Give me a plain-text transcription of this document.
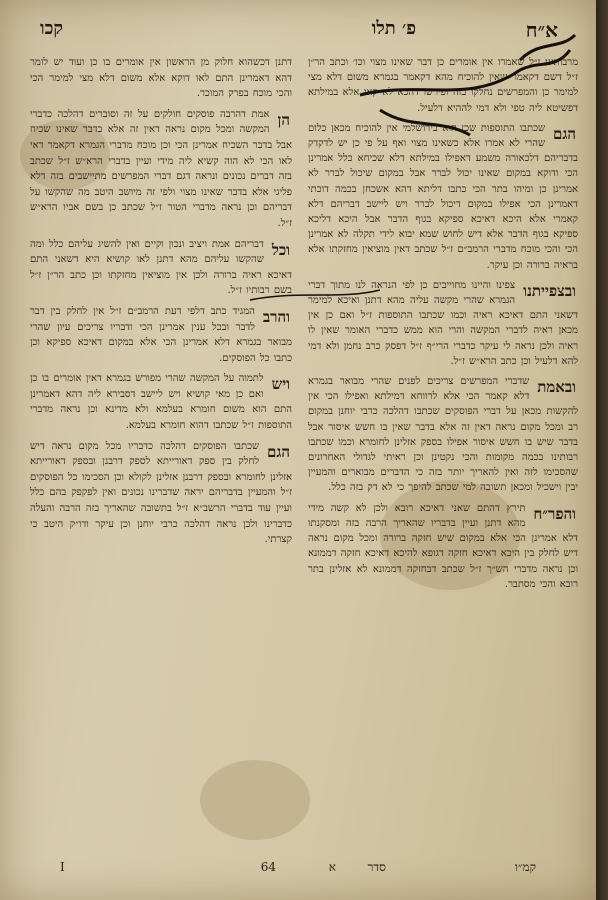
א״ח
פ׳ תלו
קכו

מרבותינו ז״ל שאמרו אין אומרים כן דבר שאינו מצוי וכו׳ וכתב הר״ן ז״ל דשם דקאמר שאין להוכיח מהא דקאמר בגמרא משום דלא מצי למימר כן והמפרשים נחלקו בזה ופירשו דהכא לא קאי אלא במילתא דפשיטא ליה טפי ולא דמי לההיא דלעיל.

הגם

שכתבו התוספות שכן הוא בירושלמי אין להוכיח מכאן כלום שהרי לא אמרו אלא כשאינו מצוי ואף על פי כן יש לדקדק בדבריהם דלכאורה משמע דאפילו במילתא דלא שכיחא כלל אמרינן הכי ודוקא במקום שאינו יכול לברר אבל במקום שיכול לברר לא אמרינן כן ומיהו בתר הכי כתבו דליתא דהא אשכחן בכמה דוכתי דאמרינן הכי אפילו במקום דיכול לברר ויש ליישב דבריהם דלא קאמרי אלא היכא דאיכא ספיקא בגוף הדבר אבל היכא דליכא ספיקא בגוף הדבר אלא דיש לחוש שמא יבוא לידי תקלה לא אמרינן הכי והכי מוכח מדברי הרמב״ם ז״ל שכתב דאין מוציאין מחזקתו אלא בראיה ברורה וכן עיקר.

ובצפייתנו

צפינו והיינו מחוייבים כן לפי הנראה לנו מתוך דברי הגמרא שהרי מקשה עליה מהא דתנן ואיכא למימר דשאני התם דאיכא ראיה וכמו שכתבו התוספות ז״ל ואם כן אין מכאן ראיה לדברי המקשה והרי הוא ממש כדברי האומר שאין לו ראיה ולכן נראה לי עיקר כדברי הרי״ף ז״ל דפסק כרב נחמן ולא דמי להא דלעיל וכן כתב הרא״ש ז״ל.

ובאמת

שדברי המפרשים צריכים לפנים שהרי מבואר בגמרא דלא קאמר הכי אלא לרווחא דמילתא ואפילו הכי אין להקשות מכאן על דברי הפוסקים שכתבו דהלכה כרבי יוחנן במקום רב ומכל מקום נראה דאין זה אלא בדבר שאין בו חשש איסור אבל בדבר שיש בו חשש איסור אפילו בספק אזלינן לחומרא וכמו שכתבו רבותינו בכמה מקומות והכי נקטינן וכן ראיתי לגדולי האחרונים שהסכימו לזה ואין להאריך יותר בזה כי הדברים מבוארים והמעיין יבין וישכיל ומכאן תשובה למי שכתב להיפך כי לא דק בזה כלל.

והפר״ח

תירץ דהתם שאני דאיכא רובא ולכן לא קשה מידי מהא דתנן ועיין בדבריו שהאריך הרבה בזה ומסקנתו דלא אמרינן הכי אלא במקום שיש חזקה ברורה ומכל מקום נראה דיש לחלק בין היכא דאיכא חזקה דגופא להיכא דאיכא חזקה דממונא וכן נראה מדברי הש״ך ז״ל שכתב דבחזקה דממונא לא אזלינן בתר רובא והכי מסתבר.

דתנן דכשהוא חלוק מן הראשון אין אומרים בו כן ועוד יש לומר דהא דאמרינן התם לאו דוקא אלא משום דלא מצי למימר הכי והכי מוכח בפרק המוכר.

הן

אמת דהרבה פוסקים חולקים על זה וסוברים דהלכה כדברי המקשה ומכל מקום נראה דאין זה אלא בדבר שאינו שכיח אבל בדבר השכיח אמרינן הכי וכן מוכח מדברי הגמרא דקאמר דאי לאו הכי לא הוה קשיא ליה מידי ועיין בדברי הרא״ש ז״ל שכתב בזה דברים נכונים ונראה דגם דברי המפרשים מתיישבים בזה דלא פליגי אלא בדבר שאינו מצוי ולפי זה מיושב היטב מה שהקשו על דבריהם וכן נראה מדברי הטור ז״ל שכתב כן בשם אביו הרא״ש ז״ל.

וכל

דבריהם אמת ויציב ונכון וקיים ואין להשיג עליהם כלל ומה שהקשו עליהם מהא דתנן לאו קושיא היא דשאני התם דאיכא ראיה ברורה ולכן אין מוציאין מחזקתו וכן כתב הר״ן ז״ל בשם רבותיו ז״ל.

והרב

המגיד כתב דלפי דעת הרמב״ם ז״ל אין לחלק בין דבר לדבר ובכל ענין אמרינן הכי ודבריו צריכים עיון שהרי מבואר בגמרא דלא אמרינן הכי אלא במקום דאיכא ספיקא וכן כתבו כל הפוסקים.

ויש

לתמוה על המקשה שהרי מפורש בגמרא דאין אומרים בו כן ואם כן מאי קושיא ויש ליישב דסבירא ליה דהא דאמרינן התם הוא משום חומרא בעלמא ולא מדינא וכן נראה מדברי התוספות ז״ל שכתבו דהוא חומרא בעלמא.

הגם

שכתבו הפוסקים דהלכה כדבריו מכל מקום נראה דיש לחלק בין ספק דאורייתא לספק דרבנן ובספק דאורייתא אזלינן לחומרא ובספק דרבנן אזלינן לקולא וכן הסכימו כל הפוסקים ז״ל והמעיין בדבריהם יראה שדברינו נכונים ואין לפקפק בהם כלל ועיין עוד בדברי הרשב״א ז״ל בתשובה שהאריך בזה הרבה והעלה כדברינו ולכן נראה דהלכה כרבי יוחנן וכן עיקר ודו״ק היטב כי קצרתי.

קמ״ו
א	סדר
64
I
